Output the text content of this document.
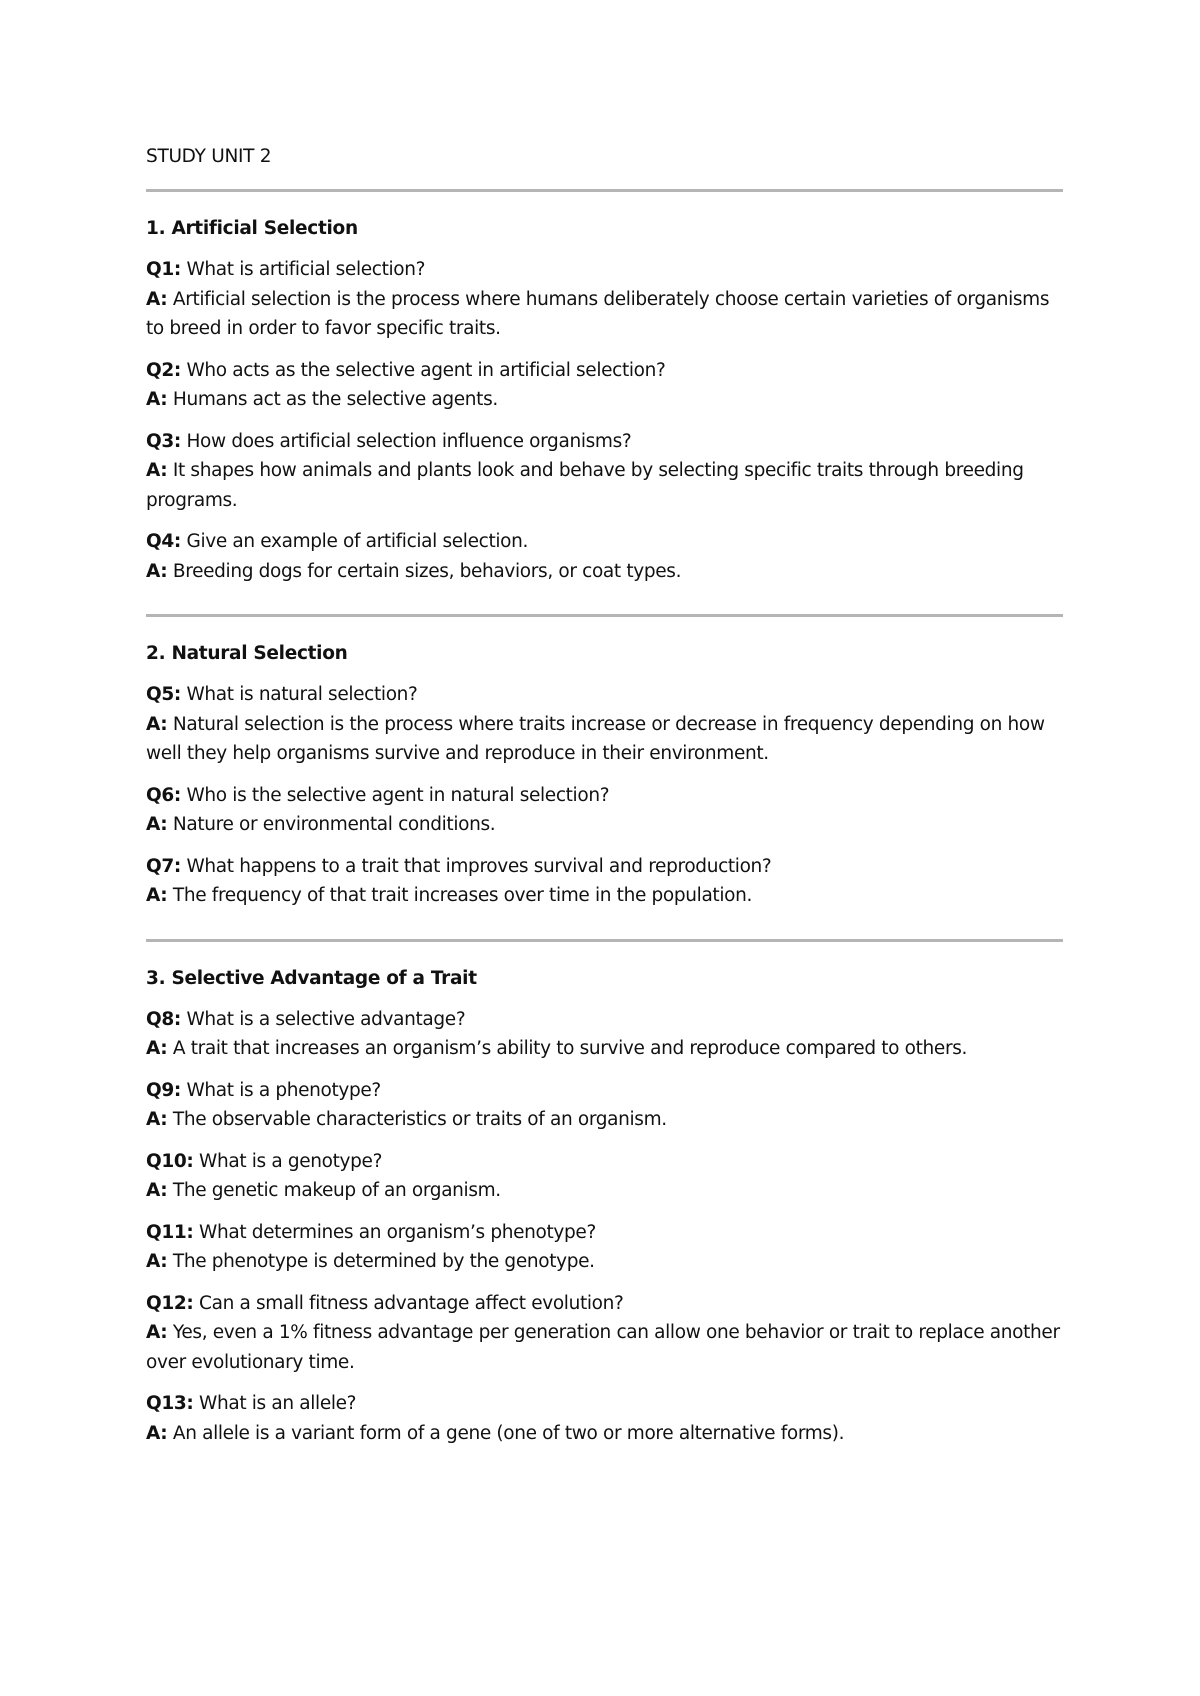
STUDY UNIT 2

1. Artificial Selection

Q1: What is artificial selection?
A: Artificial selection is the process where humans deliberately choose certain varieties of organisms to breed in order to favor specific traits.

Q2: Who acts as the selective agent in artificial selection?
A: Humans act as the selective agents.

Q3: How does artificial selection influence organisms?
A: It shapes how animals and plants look and behave by selecting specific traits through breeding programs.

Q4: Give an example of artificial selection.
A: Breeding dogs for certain sizes, behaviors, or coat types.

2. Natural Selection

Q5: What is natural selection?
A: Natural selection is the process where traits increase or decrease in frequency depending on how well they help organisms survive and reproduce in their environment.

Q6: Who is the selective agent in natural selection?
A: Nature or environmental conditions.

Q7: What happens to a trait that improves survival and reproduction?
A: The frequency of that trait increases over time in the population.

3. Selective Advantage of a Trait

Q8: What is a selective advantage?
A: A trait that increases an organism’s ability to survive and reproduce compared to others.

Q9: What is a phenotype?
A: The observable characteristics or traits of an organism.

Q10: What is a genotype?
A: The genetic makeup of an organism.

Q11: What determines an organism’s phenotype?
A: The phenotype is determined by the genotype.

Q12: Can a small fitness advantage affect evolution?
A: Yes, even a 1% fitness advantage per generation can allow one behavior or trait to replace another over evolutionary time.

Q13: What is an allele?
A: An allele is a variant form of a gene (one of two or more alternative forms).
